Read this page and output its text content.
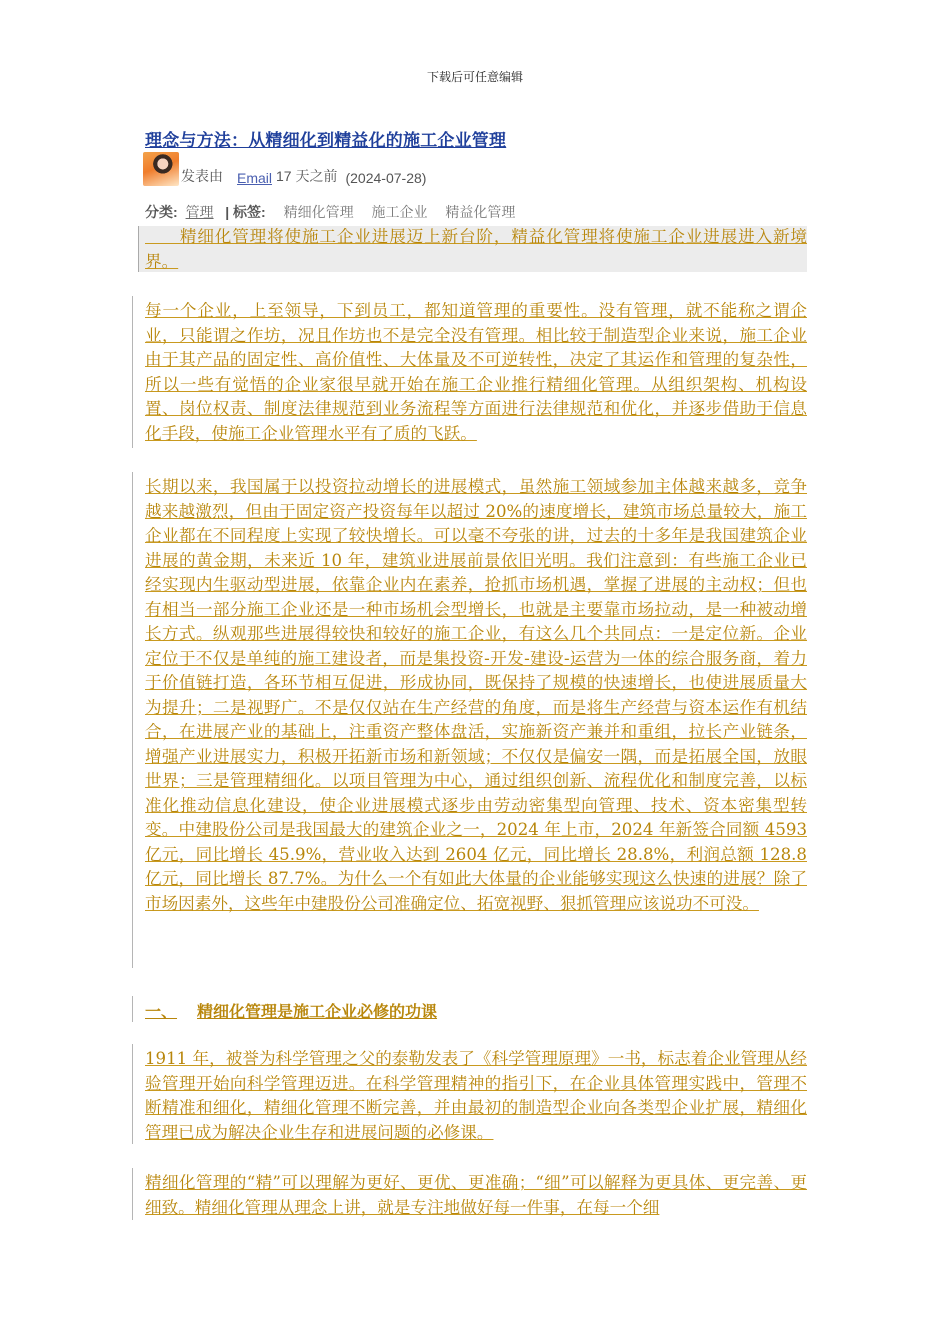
下载后可任意编辑
理念与方法：从精细化到精益化的施工企业管理
发表由 Email 17 天之前 (2024-07-28)
分类: 管理 | 标签: 精细化管理 施工企业 精益化管理
　　精细化管理将使施工企业进展迈上新台阶，精益化管理将使施工企业进展进入新境界。
每一个企业，上至领导，下到员工，都知道管理的重要性。没有管理，就不能称之谓企业，只能谓之作坊，况且作坊也不是完全没有管理。相比较于制造型企业来说，施工企业由于其产品的固定性、高价值性、大体量及不可逆转性，决定了其运作和管理的复杂性，所以一些有觉悟的企业家很早就开始在施工企业推行精细化管理。从组织架构、机构设置、岗位权责、制度法律规范到业务流程等方面进行法律规范和优化，并逐步借助于信息化手段，使施工企业管理水平有了质的飞跃。
长期以来，我国属于以投资拉动增长的进展模式，虽然施工领域参加主体越来越多，竞争越来越激烈，但由于固定资产投资每年以超过 20%的速度增长，建筑市场总量较大，施工企业都在不同程度上实现了较快增长。可以毫不夸张的讲，过去的十多年是我国建筑企业进展的黄金期，未来近 10 年，建筑业进展前景依旧光明。我们注意到：有些施工企业已经实现内生驱动型进展，依靠企业内在素养，抢抓市场机遇，掌握了进展的主动权；但也有相当一部分施工企业还是一种市场机会型增长，也就是主要靠市场拉动，是一种被动增长方式。纵观那些进展得较快和较好的施工企业，有这么几个共同点：一是定位新。企业定位于不仅是单纯的施工建设者，而是集投资-开发-建设-运营为一体的综合服务商，着力于价值链打造，各环节相互促进，形成协同，既保持了规模的快速增长，也使进展质量大为提升；二是视野广。不是仅仅站在生产经营的角度，而是将生产经营与资本运作有机结合，在进展产业的基础上，注重资产整体盘活，实施新资产兼并和重组，拉长产业链条，增强产业进展实力，积极开拓新市场和新领域；不仅仅是偏安一隅，而是拓展全国，放眼世界；三是管理精细化。以项目管理为中心，通过组织创新、流程优化和制度完善，以标准化推动信息化建设，使企业进展模式逐步由劳动密集型向管理、技术、资本密集型转变。中建股份公司是我国最大的建筑企业之一，2024 年上市，2024 年新签合同额 4593 亿元，同比增长 45.9%，营业收入达到 2604 亿元，同比增长 28.8%，利润总额 128.8 亿元，同比增长 87.7%。为什么一个有如此大体量的企业能够实现这么快速的进展？除了市场因素外，这些年中建股份公司准确定位、拓宽视野、狠抓管理应该说功不可没。
一、 精细化管理是施工企业必修的功课
1911 年，被誉为科学管理之父的泰勒发表了《科学管理原理》一书，标志着企业管理从经验管理开始向科学管理迈进。在科学管理精神的指引下，在企业具体管理实践中，管理不断精准和细化，精细化管理不断完善，并由最初的制造型企业向各类型企业扩展，精细化管理已成为解决企业生存和进展问题的必修课。
精细化管理的“精”可以理解为更好、更优、更准确；“细”可以解释为更具体、更完善、更细致。精细化管理从理念上讲，就是专注地做好每一件事，在每一个细
